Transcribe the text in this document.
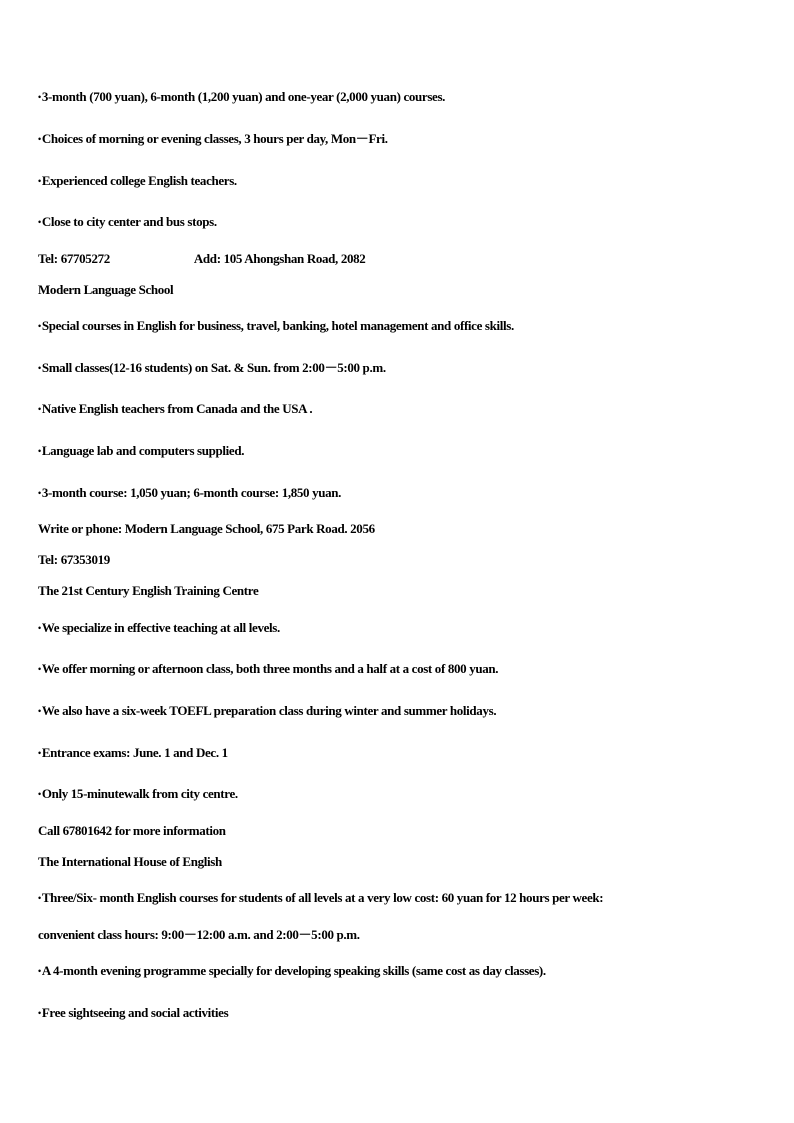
•3-month (700 yuan), 6-month (1,200 yuan) and one-year (2,000 yuan) courses.
•Choices of morning or evening classes, 3 hours per day, Mon－Fri.
•Experienced college English teachers.
•Close to city center and bus stops.
Tel: 67705272	Add: 105 Ahongshan Road, 2082
Modern Language School
•Special courses in English for business, travel, banking, hotel management and office skills.
•Small classes(12-16 students) on Sat. & Sun. from 2:00－5:00 p.m.
•Native English teachers from Canada and the USA .
•Language lab and computers supplied.
•3-month course: 1,050 yuan; 6-month course: 1,850 yuan.
Write or phone: Modern Language School, 675 Park Road. 2056
Tel: 67353019
The 21st Century English Training Centre
•We specialize in effective teaching at all levels.
•We offer morning or afternoon class, both three months and a half at a cost of 800 yuan.
•We also have a six-week TOEFL preparation class during winter and summer holidays.
•Entrance exams: June. 1 and Dec. 1
•Only 15-minutewalk from city centre.
Call 67801642 for more information
The International House of English
•Three/Six- month English courses for students of all levels at a very low cost: 60 yuan for 12 hours per week:
convenient class hours: 9:00－12:00 a.m. and 2:00－5:00 p.m.
•A 4-month evening programme specially for developing speaking skills (same cost as day classes).
•Free sightseeing and social activities
